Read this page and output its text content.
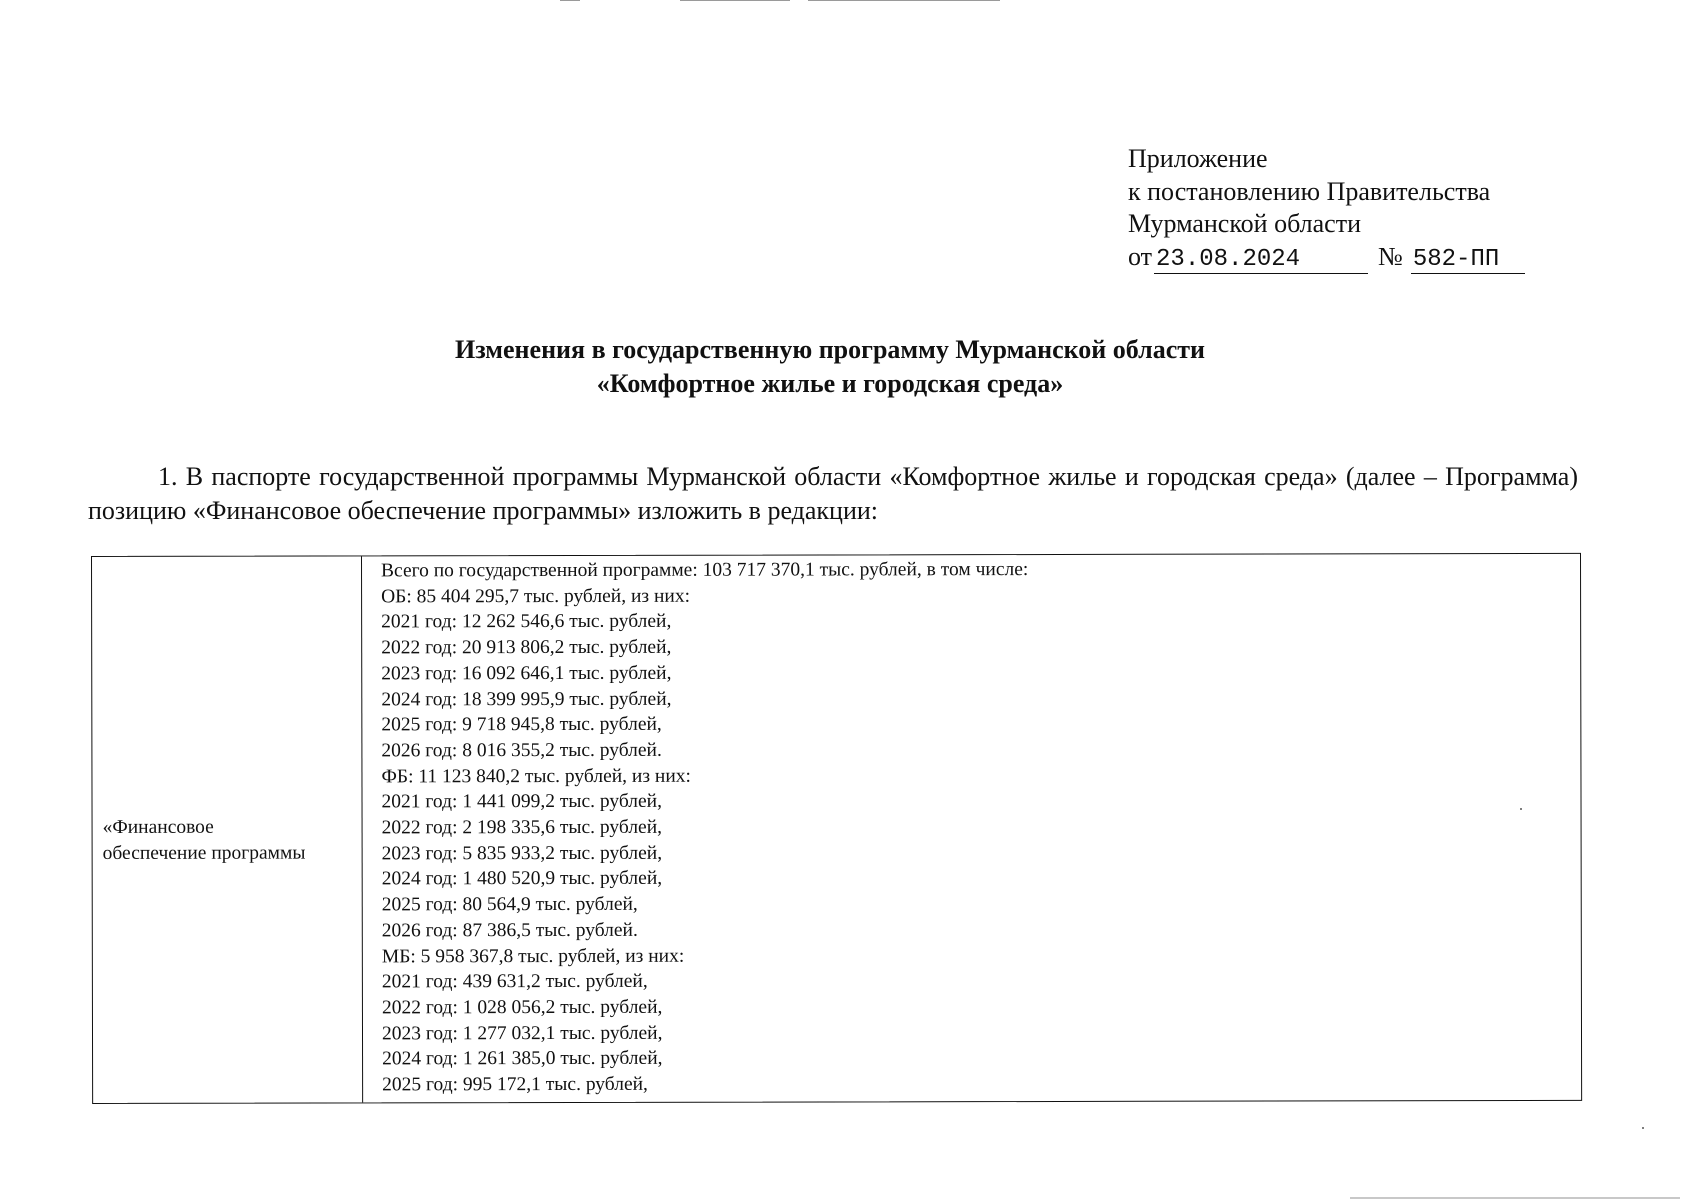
Приложение
к постановлению Правительства
Мурманской области
от 23.08.2024	№ 582-ПП
Изменения в государственную программу Мурманской области
«Комфортное жилье и городская среда»
1. В паспорте государственной программы Мурманской области «Комфортное жилье и городская среда» (далее – Программа) позицию «Финансовое обеспечение программы» изложить в редакции:
«Финансовое
обеспечение программы
Всего по государственной программе: 103 717 370,1 тыс. рублей, в том числе:
ОБ: 85 404 295,7 тыс. рублей, из них:
2021 год: 12 262 546,6 тыс. рублей,
2022 год: 20 913 806,2 тыс. рублей,
2023 год: 16 092 646,1 тыс. рублей,
2024 год: 18 399 995,9 тыс. рублей,
2025 год: 9 718 945,8 тыс. рублей,
2026 год: 8 016 355,2 тыс. рублей.
ФБ: 11 123 840,2 тыс. рублей, из них:
2021 год: 1 441 099,2 тыс. рублей,
2022 год: 2 198 335,6 тыс. рублей,
2023 год: 5 835 933,2 тыс. рублей,
2024 год: 1 480 520,9 тыс. рублей,
2025 год: 80 564,9 тыс. рублей,
2026 год: 87 386,5 тыс. рублей.
МБ: 5 958 367,8 тыс. рублей, из них:
2021 год: 439 631,2 тыс. рублей,
2022 год: 1 028 056,2 тыс. рублей,
2023 год: 1 277 032,1 тыс. рублей,
2024 год: 1 261 385,0 тыс. рублей,
2025 год: 995 172,1 тыс. рублей,
